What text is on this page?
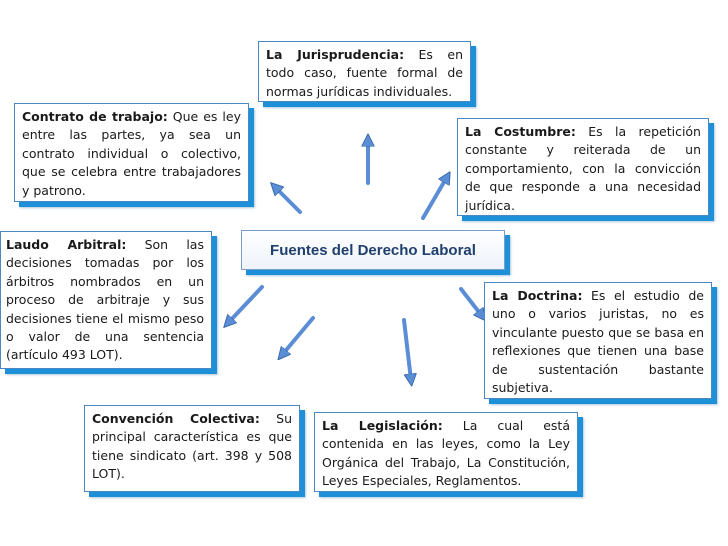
La Jurisprudencia: Es en todo caso, fuente formal de normas jurídicas individuales.
Contrato de trabajo: Que es ley entre las partes, ya sea un contrato individual o colectivo, que se celebra entre trabajadores y patrono.
La Costumbre: Es la repetición constante y reiterada de un comportamiento, con la convicción de que responde a una necesidad jurídica.
Fuentes del Derecho Laboral
Laudo Arbitral: Son las decisiones tomadas por los árbitros nombrados en un proceso de arbitraje y sus decisiones tiene el mismo peso o valor de una sentencia (artículo 493 LOT).
La Doctrina: Es el estudio de uno o varios juristas, no es vinculante puesto que se basa en reflexiones que tienen una base de sustentación bastante subjetiva.
Convención Colectiva: Su principal característica es que tiene sindicato (art. 398 y 508 LOT).
La Legislación: La cual está contenida en las leyes, como la Ley Orgánica del Trabajo, La Constitución, Leyes Especiales, Reglamentos.
